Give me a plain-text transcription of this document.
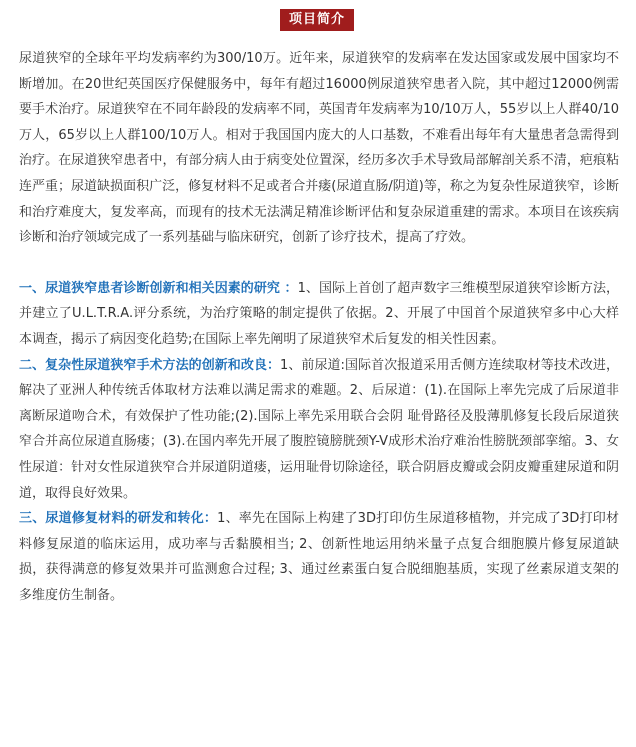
项目简介

尿道狭窄的全球年平均发病率约为300/10万。近年来，尿道狭窄的发病率在发达国家或发展中国家均不断增加。在20世纪英国医疗保健服务中，每年有超过16000例尿道狭窄患者入院，其中超过12000例需要手术治疗。尿道狭窄在不同年龄段的发病率不同，英国青年发病率为10/10万人，55岁以上人群40/10万人，65岁以上人群100/10万人。相对于我国国内庞大的人口基数，不难看出每年有大量患者急需得到治疗。在尿道狭窄患者中，有部分病人由于病变处位置深，经历多次手术导致局部解剖关系不清，疤痕粘连严重；尿道缺损面积广泛，修复材料不足或者合并瘘(尿道直肠/阴道)等，称之为复杂性尿道狭窄，诊断和治疗难度大，复发率高，而现有的技术无法满足精准诊断评估和复杂尿道重建的需求。本项目在该疾病诊断和治疗领域完成了一系列基础与临床研究，创新了诊疗技术，提高了疗效。

一、尿道狭窄患者诊断创新和相关因素的研究 ：1、国际上首创了超声数字三维模型尿道狭窄诊断方法，并建立了U.L.T.R.A.评分系统，为治疗策略的制定提供了依据。2、开展了中国首个尿道狭窄多中心大样本调查，揭示了病因变化趋势;在国际上率先阐明了尿道狭窄术后复发的相关性因素。

二、复杂性尿道狭窄手术方法的创新和改良：1、前尿道:国际首次报道采用舌侧方连续取材等技术改进，解决了亚洲人种传统舌体取材方法难以满足需求的难题。2、后尿道：(1).在国际上率先完成了后尿道非离断尿道吻合术，有效保护了性功能;(2).国际上率先采用联合会阴 耻骨路径及股薄肌修复长段后尿道狭窄合并高位尿道直肠瘘；(3).在国内率先开展了腹腔镜膀胱颈Y-V成形术治疗难治性膀胱颈部挛缩。3、女性尿道：针对女性尿道狭窄合并尿道阴道瘘，运用耻骨切除途径，联合阴唇皮瓣或会阴皮瓣重建尿道和阴道，取得良好效果。

三、尿道修复材料的研发和转化：1、率先在国际上构建了3D打印仿生尿道移植物，并完成了3D打印材料修复尿道的临床运用，成功率与舌黏膜相当; 2、创新性地运用纳米量子点复合细胞膜片修复尿道缺损，获得满意的修复效果并可监测愈合过程; 3、通过丝素蛋白复合脱细胞基质，实现了丝素尿道支架的多维度仿生制备。
